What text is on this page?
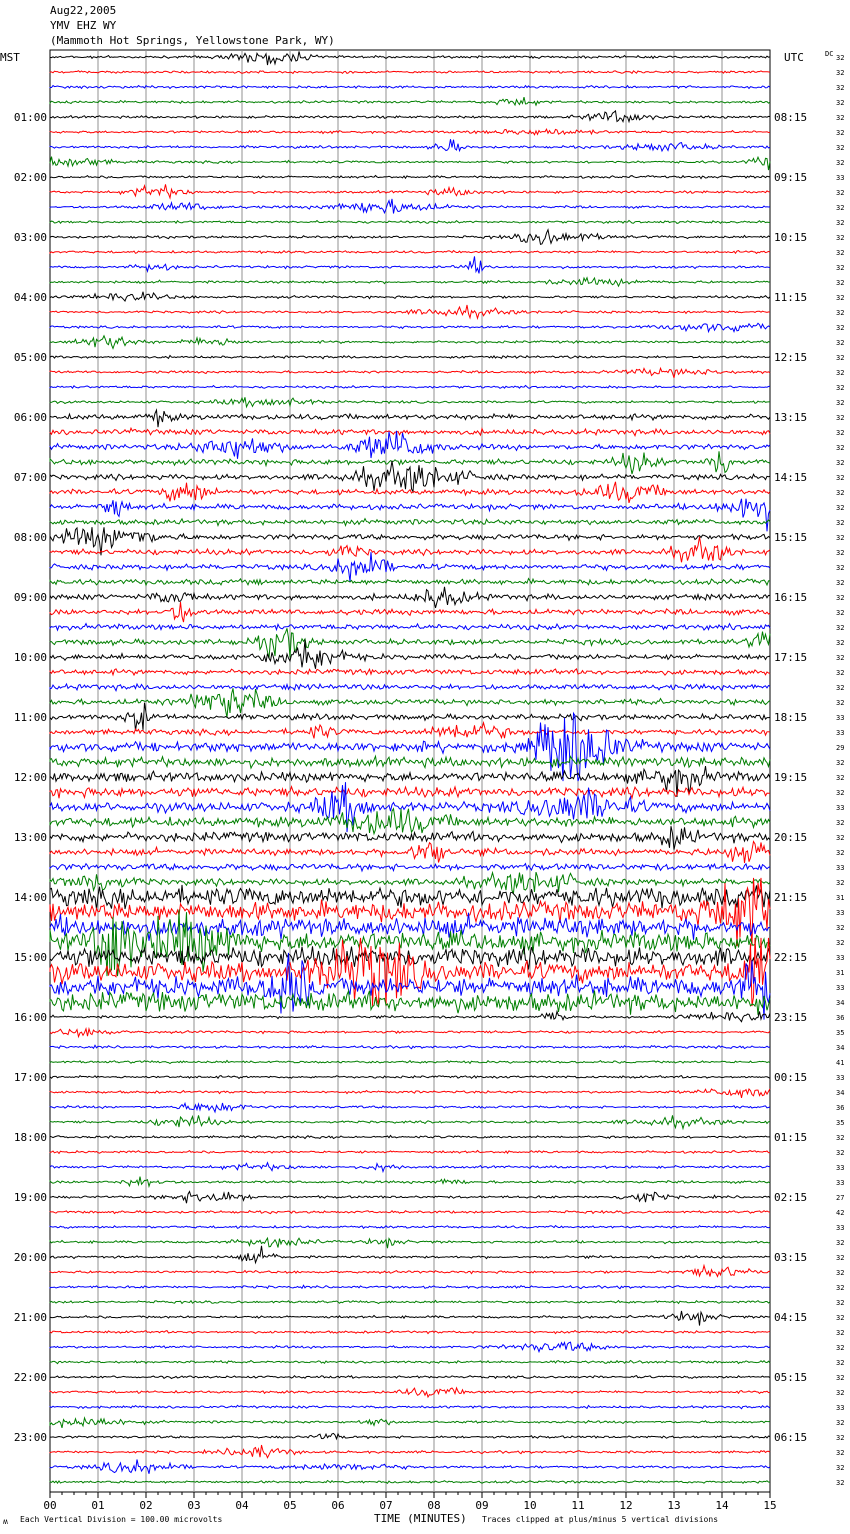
Aug22,2005
YMV EHZ WY
(Mammoth Hot Springs, Yellowstone Park, WY)
00	01	02	03	04	05	06	07	08	09	10	11	12	13	14	15
01:00
02:00
03:00
04:00
05:00
06:00
07:00
08:00
09:00
10:00
11:00
12:00
13:00
14:00
15:00
16:00
17:00
18:00
19:00
20:00
21:00
22:00
23:00
08:15
09:15
10:15
11:15
12:15
13:15
14:15
15:15
16:15
17:15
18:15
19:15
20:15
21:15
22:15
23:15
00:15
01:15
02:15
03:15
04:15
05:15
06:15
MST	UTC	DC 32
32
32
32
32
32
32
32
33
32
32
32
32
32
32
32
32
32
32
32
32
32
32
32
32
32
32
32
32
32
32
32
32
32
32
32
32
32
32
32
32
32
32
32
33
33
29
32
32
32
33
32
32
32
33
32
31
33
32
32
33
31
33
34
36
35
34
41
33
34
36
35
32
32
33
33
27
42
33
32
32
32
32
32
32
32
32
32
32
32
33
32
32
32
32
32
ʍ Each Vertical Division = 100.00 microvolts	TIME (MINUTES) Traces clipped at plus/minus 5 vertical divisions
